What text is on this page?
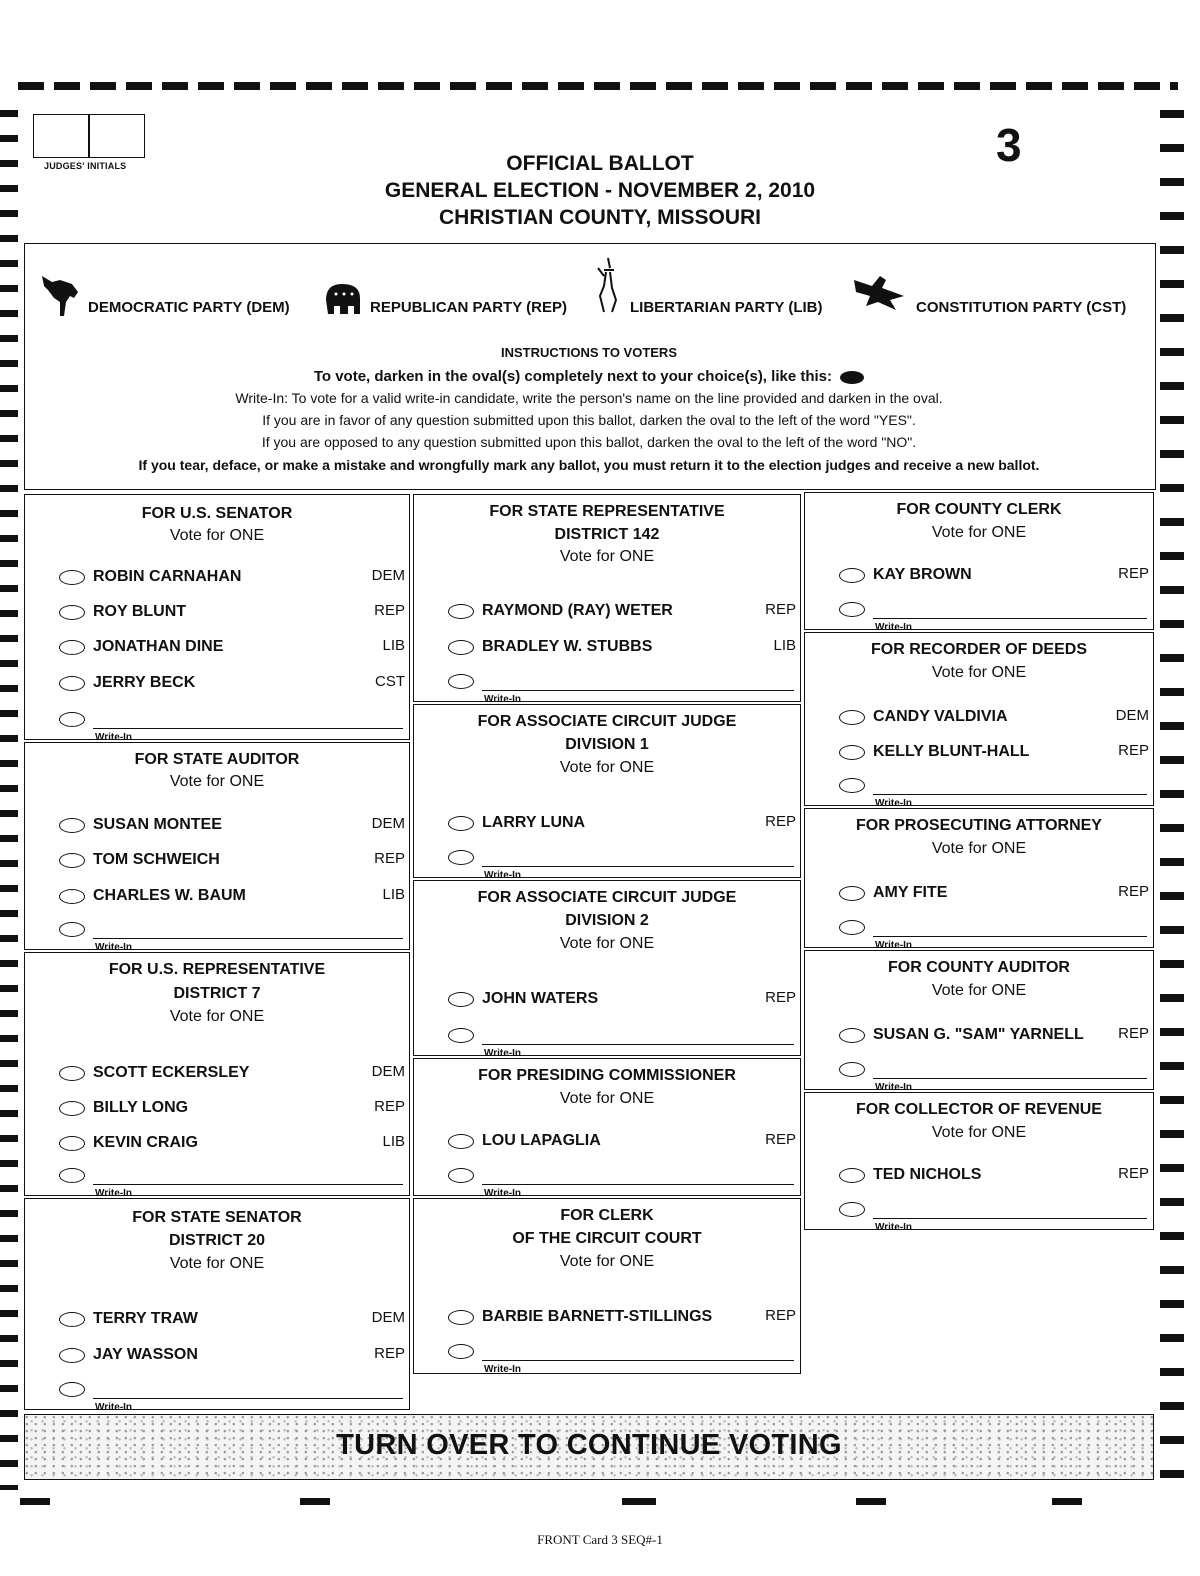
JUDGES' INITIALS	3
OFFICIAL BALLOT
GENERAL ELECTION - NOVEMBER 2, 2010
CHRISTIAN COUNTY, MISSOURI
DEMOCRATIC PARTY (DEM)	REPUBLICAN PARTY (REP)	LIBERTARIAN PARTY (LIB)	CONSTITUTION PARTY (CST)
INSTRUCTIONS TO VOTERS
To vote, darken in the oval(s) completely next to your choice(s), like this:
Write-In: To vote for a valid write-in candidate, write the person's name on the line provided and darken in the oval.
If you are in favor of any question submitted upon this ballot, darken the oval to the left of the word "YES".
If you are opposed to any question submitted upon this ballot, darken the oval to the left of the word "NO".
If you tear, deface, or make a mistake and wrongfully mark any ballot, you must return it to the election judges and receive a new ballot.
FOR U.S. SENATOR
Vote for ONE
ROBIN CARNAHAN	DEM
ROY BLUNT	REP
JONATHAN DINE	LIB
JERRY BECK	CST
Write-In
FOR STATE AUDITOR
Vote for ONE
SUSAN MONTEE	DEM
TOM SCHWEICH	REP
CHARLES W. BAUM	LIB
Write-In
FOR U.S. REPRESENTATIVE
DISTRICT 7
Vote for ONE
SCOTT ECKERSLEY	DEM
BILLY LONG	REP
KEVIN CRAIG	LIB
Write-In
FOR STATE SENATOR
DISTRICT 20
Vote for ONE
TERRY TRAW	DEM
JAY WASSON	REP
Write-In
FOR STATE REPRESENTATIVE
DISTRICT 142
Vote for ONE
RAYMOND (RAY) WETER	REP
BRADLEY W. STUBBS	LIB
Write-In
FOR ASSOCIATE CIRCUIT JUDGE
DIVISION 1
Vote for ONE
LARRY LUNA	REP
Write-In
FOR ASSOCIATE CIRCUIT JUDGE
DIVISION 2
Vote for ONE
JOHN WATERS	REP
Write-In
FOR PRESIDING COMMISSIONER
Vote for ONE
LOU LAPAGLIA	REP
Write-In
FOR CLERK
OF THE CIRCUIT COURT
Vote for ONE
BARBIE BARNETT-STILLINGS	REP
Write-In
FOR COUNTY CLERK
Vote for ONE
KAY BROWN	REP
Write-In
FOR RECORDER OF DEEDS
Vote for ONE
CANDY VALDIVIA	DEM
KELLY BLUNT-HALL	REP
Write-In
FOR PROSECUTING ATTORNEY
Vote for ONE
AMY FITE	REP
Write-In
FOR COUNTY AUDITOR
Vote for ONE
SUSAN G. "SAM" YARNELL REP
Write-In
FOR COLLECTOR OF REVENUE
Vote for ONE
TED NICHOLS	REP
Write-In
TURN OVER TO CONTINUE VOTING
FRONT Card 3 SEQ#-1
